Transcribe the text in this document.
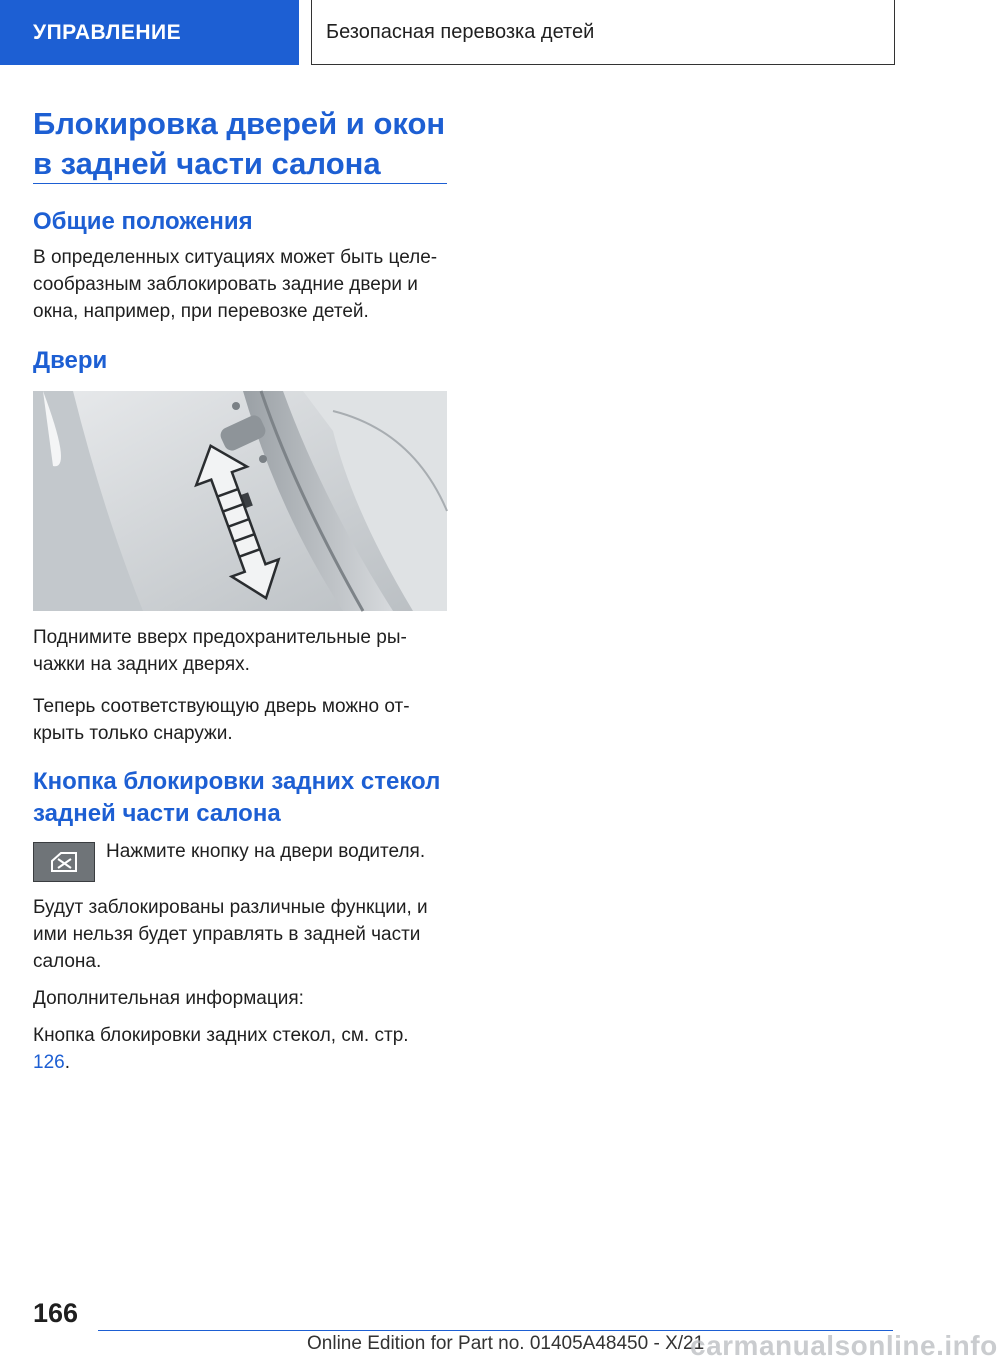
УПРАВЛЕНИЕ	Безопасная перевозка детей
Блокировка дверей и окон в задней части салона
Общие положения

В определенных ситуациях может быть целе-сообразным заблокировать задние двери и окна, например, при перевозке детей.

Двери

Поднимите вверх предохранительные ры-чажки на задних дверях.

Теперь соответствующую дверь можно от-крыть только снаружи.

Кнопка блокировки задних стекол задней части салона

Нажмите кнопку на двери водителя.

Будут заблокированы различные функции, и ими нельзя будет управлять в задней части салона.

Дополнительная информация:

Кнопка блокировки задних стекол, см. стр. 126.

166
Online Edition for Part no. 01405A48450 - X/21
carmanualsonline.info
